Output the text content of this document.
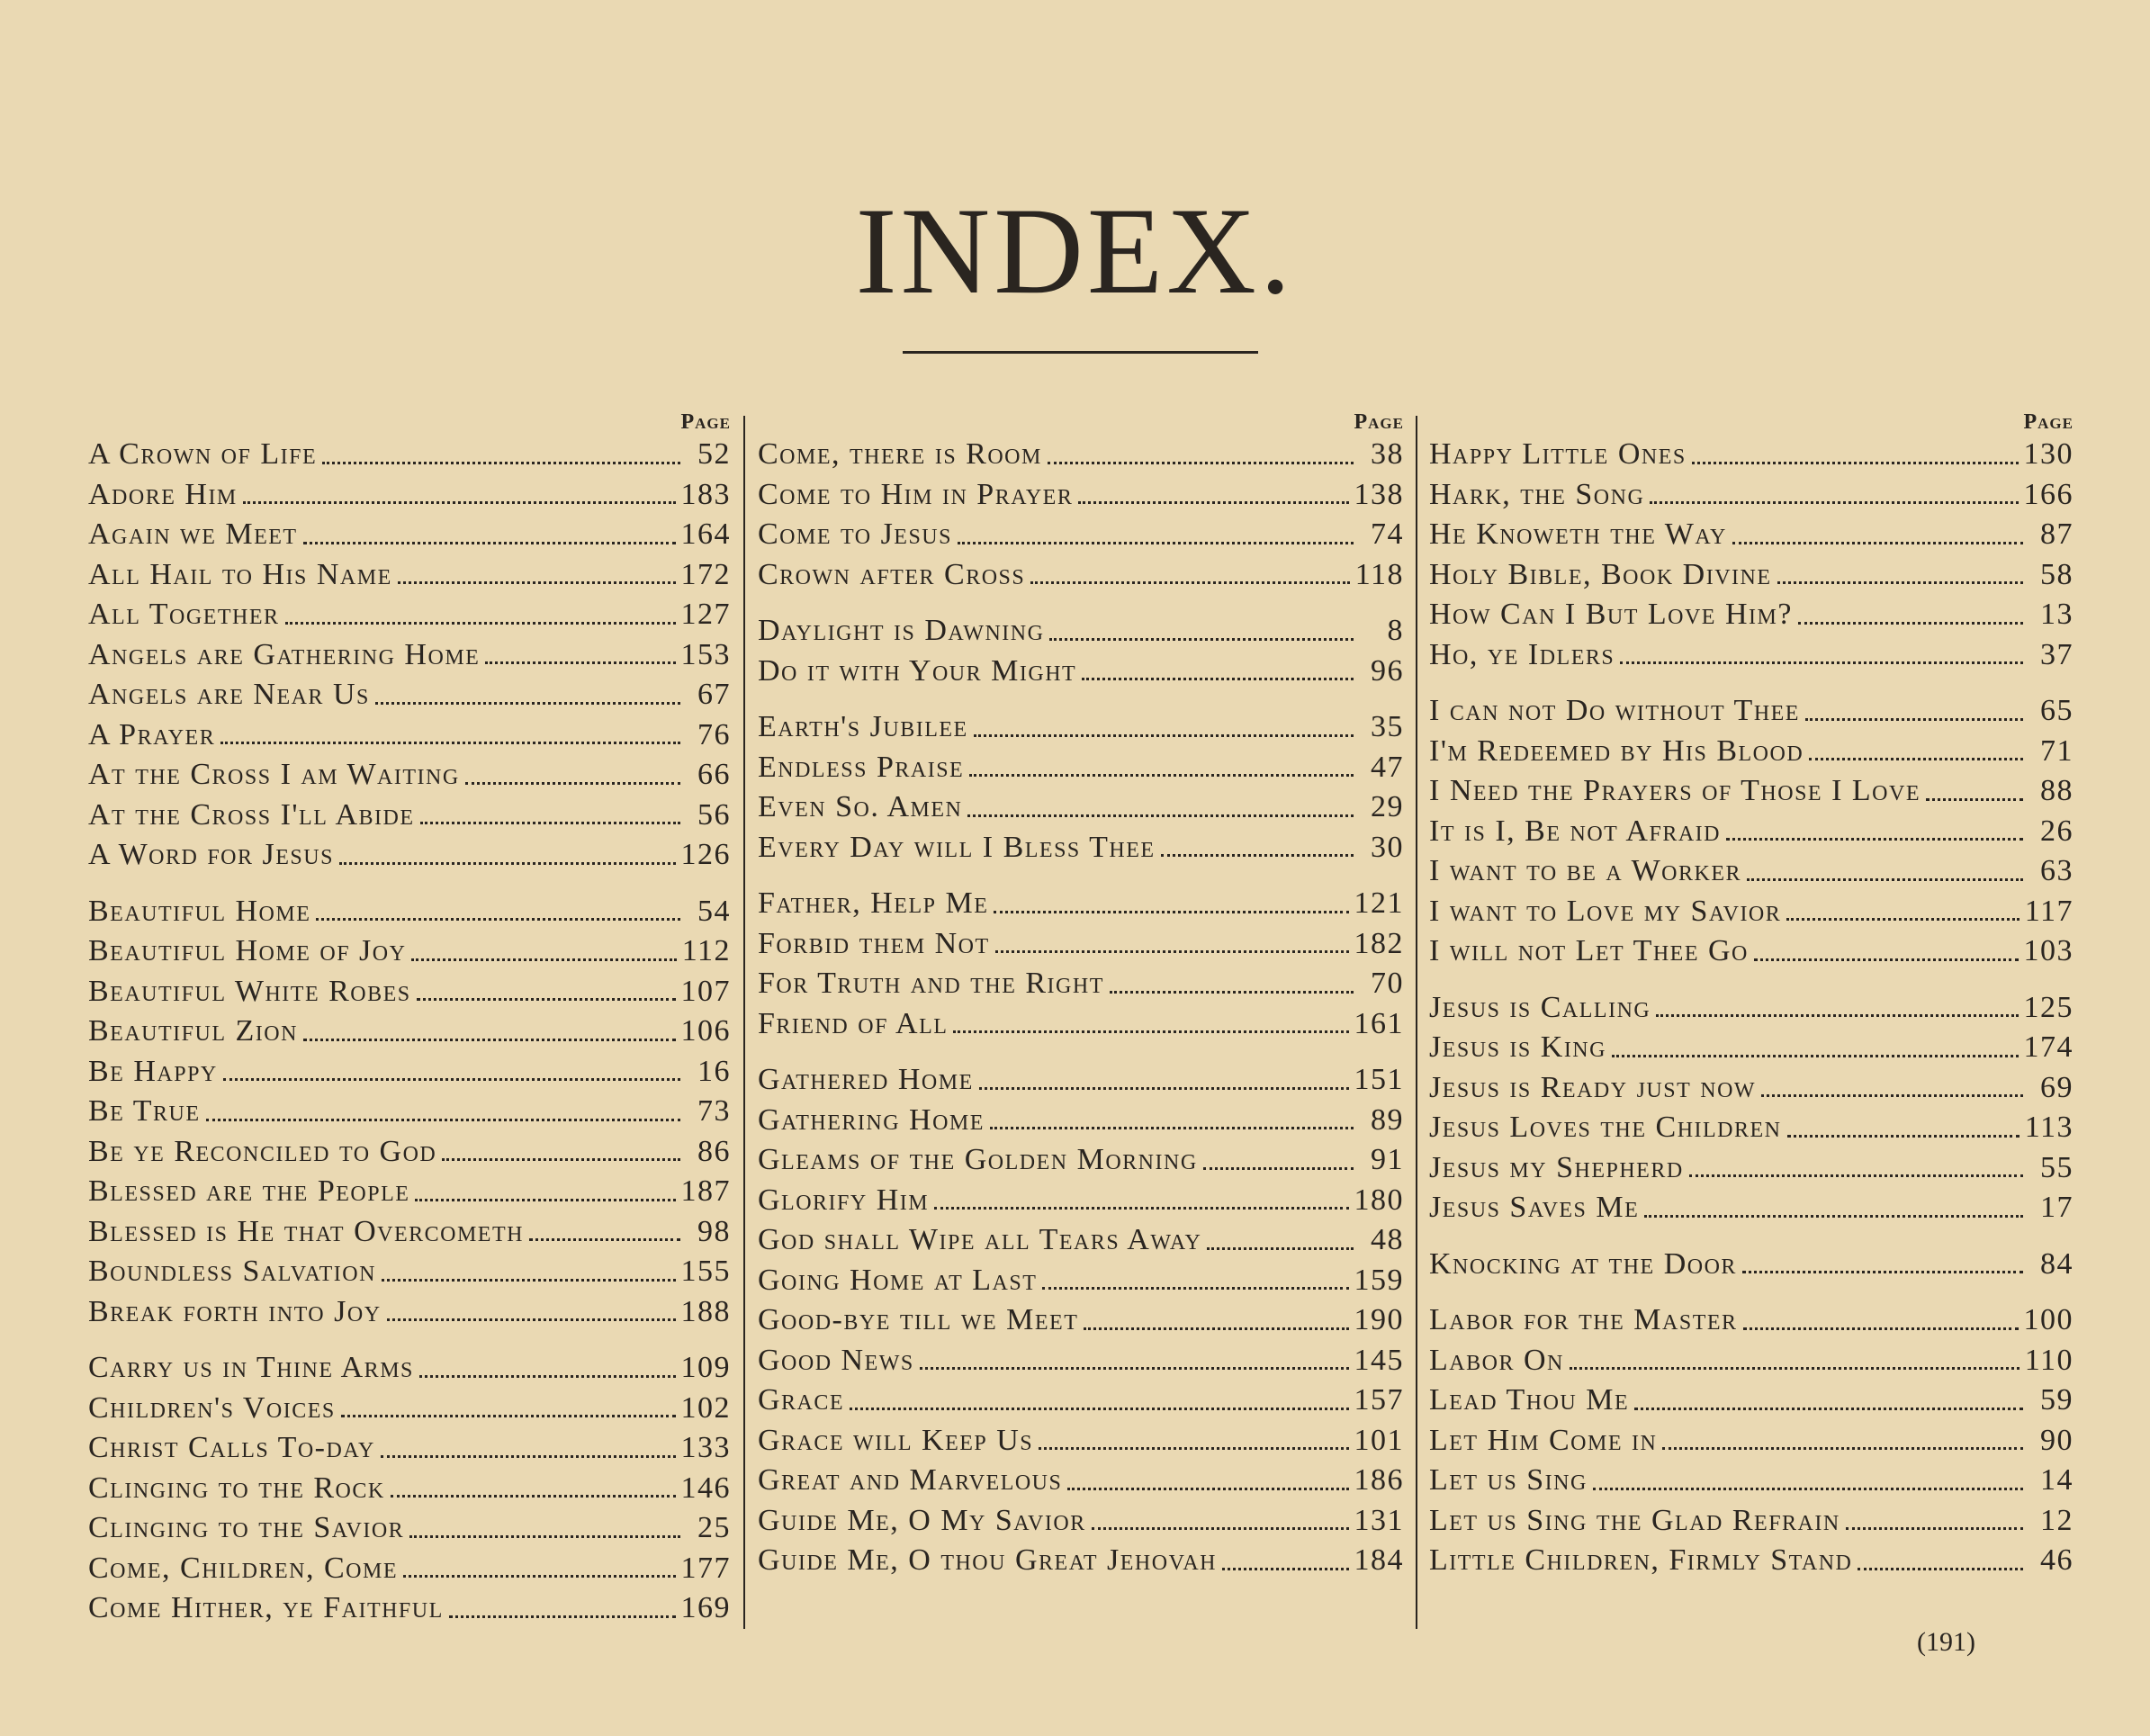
INDEX.
Page
A Crown of Life	52
Adore Him	183
Again we Meet	164
All Hail to His Name	172
All Together	127
Angels are Gathering Home	153
Angels are Near Us	67
A Prayer	76
At the Cross I am Waiting	66
At the Cross I'll Abide	56
A Word for Jesus	126
Beautiful Home	54
Beautiful Home of Joy	112
Beautiful White Robes	107
Beautiful Zion	106
Be Happy	16
Be True	73
Be ye Reconciled to God	86
Blessed are the People	187
Blessed is He that Overcometh	98
Boundless Salvation	155
Break forth into Joy	188
Carry us in Thine Arms	109
Children's Voices	102
Christ Calls To-day	133
Clinging to the Rock	146
Clinging to the Savior	25
Come, Children, Come	177
Come Hither, ye Faithful	169
Page
Come, there is Room	38
Come to Him in Prayer	138
Come to Jesus	74
Crown after Cross	118
Daylight is Dawning	8
Do it with Your Might	96
Earth's Jubilee	35
Endless Praise	47
Even So. Amen	29
Every Day will I Bless Thee	30
Father, Help Me	121
Forbid them Not	182
For Truth and the Right	70
Friend of All	161
Gathered Home	151
Gathering Home	89
Gleams of the Golden Morning	91
Glorify Him	180
God shall Wipe all Tears Away	48
Going Home at Last	159
Good-bye till we Meet	190
Good News	145
Grace	157
Grace will Keep Us	101
Great and Marvelous	186
Guide Me, O My Savior	131
Guide Me, O thou Great Jehovah	184
Page
Happy Little Ones	130
Hark, the Song	166
He Knoweth the Way	87
Holy Bible, Book Divine	58
How Can I But Love Him?	13
Ho, ye Idlers	37
I can not Do without Thee	65
I'm Redeemed by His Blood	71
I Need the Prayers of Those I Love	88
It is I, Be not Afraid	26
I want to be a Worker	63
I want to Love my Savior	117
I will not Let Thee Go	103
Jesus is Calling	125
Jesus is King	174
Jesus is Ready just now	69
Jesus Loves the Children	113
Jesus my Shepherd	55
Jesus Saves Me	17
Knocking at the Door	84
Labor for the Master	100
Labor On	110
Lead Thou Me	59
Let Him Come in	90
Let us Sing	14
Let us Sing the Glad Refrain	12
Little Children, Firmly Stand	46
(191)
